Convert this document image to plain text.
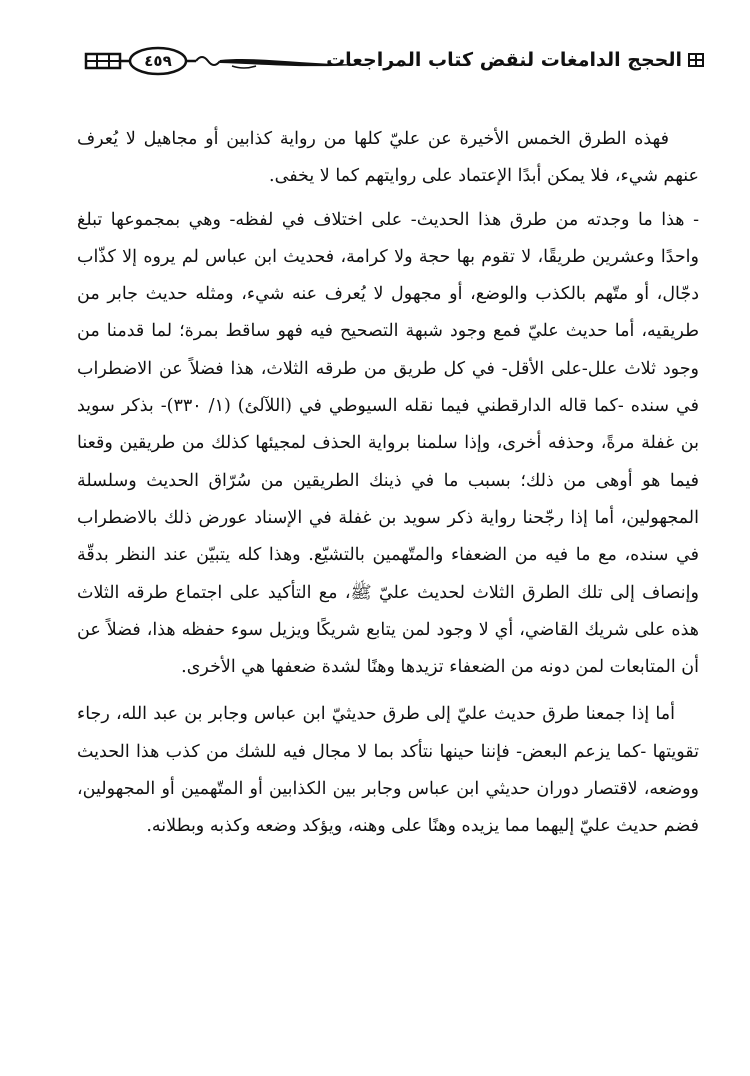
الحجج الدامغات لنقض كتاب المراجعات
٤٥٩

فهذه الطرق الخمس الأخيرة عن عليّ كلها من رواية كذابين أو مجاهيل لا يُعرف عنهم شيء، فلا يمكن أبدًا الإعتماد على روايتهم كما لا يخفى.

- هذا ما وجدته من طرق هذا الحديث- على اختلاف في لفظه- وهي بمجموعها تبلغ واحدًا وعشرين طريقًا، لا تقوم بها حجة ولا كرامة، فحديث ابن عباس لم يروه إلا كذّاب دجّال، أو متّهم بالكذب والوضع، أو مجهول لا يُعرف عنه شيء، ومثله حديث جابر من طريقيه، أما حديث عليّ فمع وجود شبهة التصحيح فيه فهو ساقط بمرة؛ لما قدمنا من وجود ثلاث علل-على الأقل- في كل طريق من طرقه الثلاث، هذا فضلاً عن الاضطراب في سنده -كما قاله الدارقطني فيما نقله السيوطي في (اللآلئ) (١/ ٣٣٠)- بذكر سويد بن غفلة مرةً، وحذفه أخرى، وإذا سلمنا برواية الحذف لمجيئها كذلك من طريقين وقعنا فيما هو أوهى من ذلك؛ بسبب ما في ذينك الطريقين من سُرّاق الحديث وسلسلة المجهولين، أما إذا رجّحنا رواية ذكر سويد بن غفلة في الإسناد عورض ذلك بالاضطراب في سنده، مع ما فيه من الضعفاء والمتّهمين بالتشيّع. وهذا كله يتبيّن عند النظر بدقّة وإنصاف إلى تلك الطرق الثلاث لحديث عليّ ﷺ، مع التأكيد على اجتماع طرقه الثلاث هذه على شريك القاضي، أي لا وجود لمن يتابع شريكًا ويزيل سوء حفظه هذا، فضلاً عن أن المتابعات لمن دونه من الضعفاء تزيدها وهنًا لشدة ضعفها هي الأخرى.

أما إذا جمعنا طرق حديث عليّ إلى طرق حديثيّ ابن عباس وجابر بن عبد الله، رجاء تقويتها -كما يزعم البعض- فإننا حينها نتأكد بما لا مجال فيه للشك من كذب هذا الحديث ووضعه، لاقتصار دوران حديثي ابن عباس وجابر بين الكذابين أو المتّهمين أو المجهولين، فضم حديث عليّ إليهما مما يزيده وهنًا على وهنه، ويؤكد وضعه وكذبه وبطلانه.
